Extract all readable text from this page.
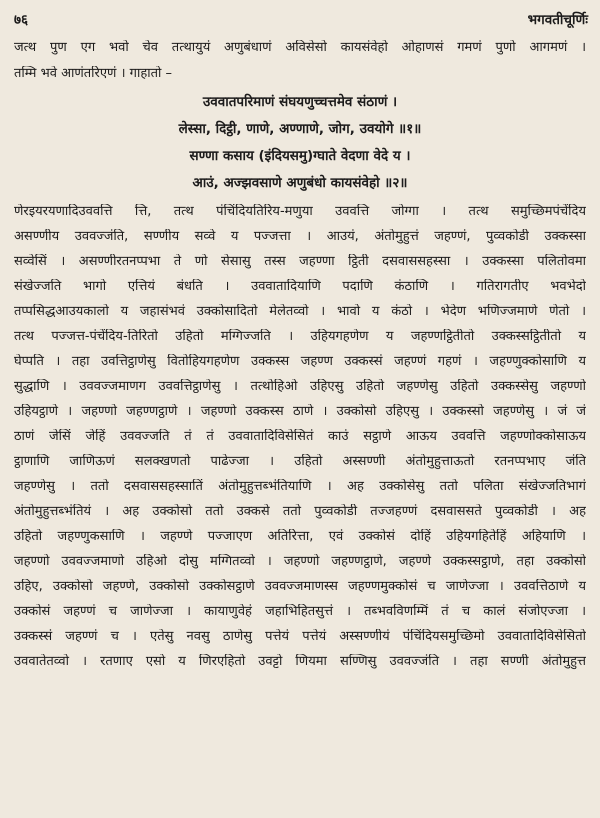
७६	भगवतीचूर्णिः
जत्थ पुण एग भवो चेव तत्थायुयं अणुबंधाणं अविसेसो कायसंवेहो ओहाणसं गमणं पुणो आगमणं ।
तम्मि भवे आणंतरिएणं । गाहातो –
उववातपरिमाणं संघयणुच्चत्तमेव संठाणं ।
लेस्सा, दिट्ठी, णाणे, अण्णाणे, जोग, उवयोगे ॥१॥
सण्णा कसाय (इंदियसमु)ग्घाते वेदणा वेदे य ।
आउं, अज्झवसाणे अणुबंधो कायसंवेहो ॥२॥
णेरइयरयणादिउववत्ति त्ति, तत्थ पंचिंदियतिरिय-मणुया उववत्ति जोग्गा । तत्थ समुच्छिमपंचेंदिय
असण्णीय उववज्जंति, सण्णीय सव्वे य पज्जत्ता । आउयं, अंतोमुहुत्तं जहण्णं, पुव्वकोडी उक्कस्सा
सव्वेसिं । असण्णीरतनप्पभा ते णो सेसासु तस्स जहण्णा ट्ठिती दसवाससहस्सा । उक्कस्सा पलितोवमा
संखेज्जति भागो एत्तियं बंधति । उववातादियाणि पदाणि कंठाणि । गतिरागतीए भवभेदो
तप्पसिद्धआउयकालो य जहासंभवं उक्कोसादितो मेलेतव्वो । भावो य कंठो । भेदेण भणिज्जमाणे णेतो ।
तत्थ पज्जत्त-पंचेंदिय-तिरितो उहितो मग्गिज्जति । उहियगहणेण य जहण्णट्ठितीतो उक्कस्सट्ठितीतो य
घेप्पति । तहा उवत्तिट्ठाणेसु वितोहियगहणेण उक्कस्स जहण्ण उक्कस्सं जहण्णं गहणं । जहण्णुक्कोसाणि य
सुद्धाणि । उववज्जमाणग उववत्तिट्ठाणेसु । तत्थोहिओ उहिएसु उहितो जहण्णेसु उहितो उक्कस्सेसु जहण्णो
उहियट्ठाणे । जहण्णो जहण्णट्ठाणे । जहण्णो उक्कस्स ठाणे । उक्कोसो उहिएसु । उक्कस्सो जहण्णेसु । जं जं
ठाणं जेसिं जेहिं उववज्जति तं तं उववातादिविसेसितं काउं सट्ठाणे आऊय उववत्ति जहण्णोक्कोसाऊय
ट्ठाणाणि जाणिऊणं सलक्खणतो पाढेज्जा । उहितो अस्सण्णी अंतोमुहुत्ताऊतो रतनप्पभाए जंति
जहण्णेसु । ततो दसवाससहस्सातिं अंतोमुहुत्तब्भंतियाणि । अह उक्कोसेसु ततो पलिता संखेज्जतिभागं
अंतोमुहुत्तब्भंतियं । अह उक्कोसो ततो उक्कसे ततो पुव्वकोडी तज्जहण्णं दसवाससते पुव्वकोडी । अह
उहितो जहण्णुकसाणि । जहण्णे पज्जाएण अतिरित्ता, एवं उक्कोसं दोहिं उहियगहितेहिं अहियाणि ।
जहण्णो उववज्जमाणो उहिओ दोसु मग्गितव्वो । जहण्णो जहण्णट्ठाणे, जहण्णे उक्कस्सट्ठाणे, तहा उक्कोसो
उहिए, उक्कोसो जहण्णे, उक्कोसो उक्कोसट्ठाणे उववज्जमाणस्स जहण्णमुक्कोसं च जाणेज्जा । उववत्तिठाणे य
उक्कोसं जहण्णं च जाणेज्जा । कायाणुवेहं जहाभिहितसुत्तं । तब्भवविणम्मिं तं च कालं संजोएज्जा ।
उक्कस्सं जहण्णं च । एतेसु नवसु ठाणेसु पत्तेयं पत्तेयं अस्सण्णीयं पंचिंदियसमुच्छिमो उववातादिविसेसितो
उववातेतव्वो । रतणाए एसो य णिरएहितो उवट्टो णियमा सण्णिसु उववज्जंति । तहा सण्णी अंतोमुहुत्त
